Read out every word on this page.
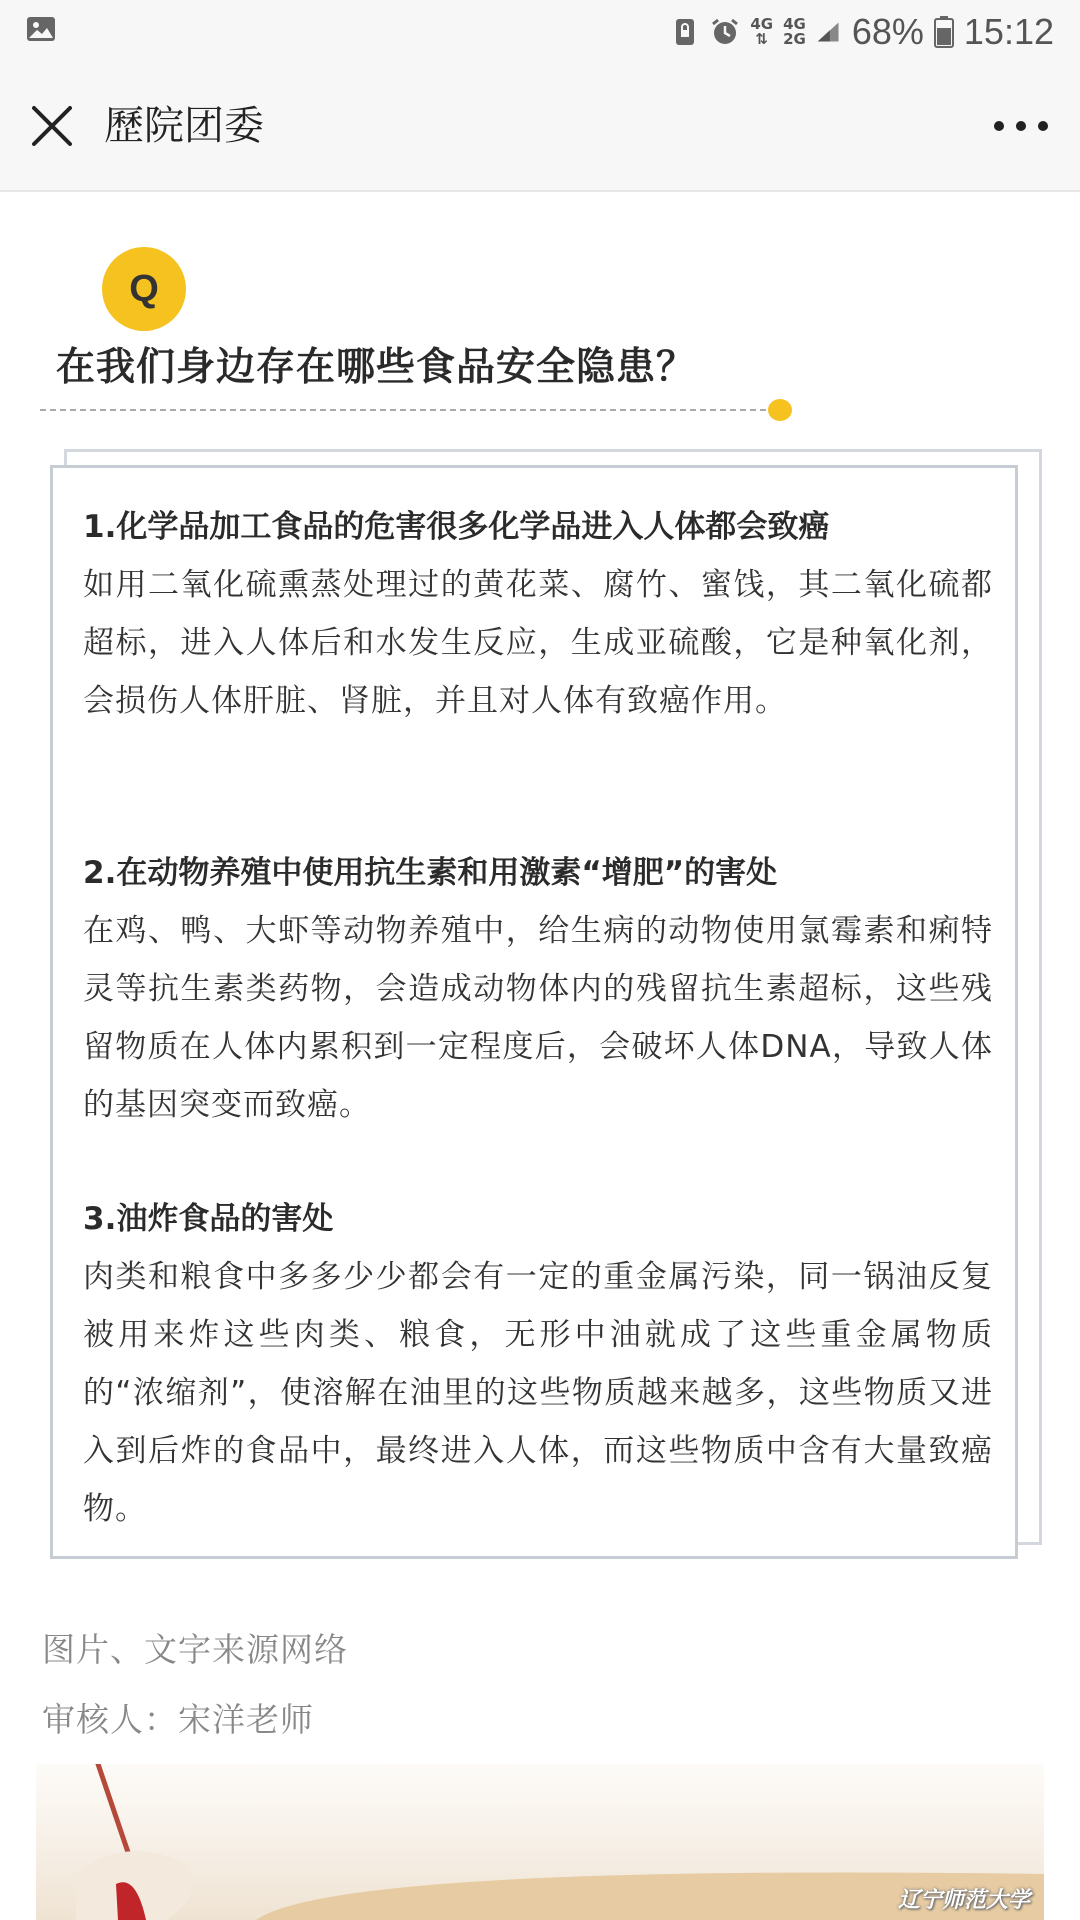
4G
⇅
4G
2G 68% 15:12
歷院团委
Q
在我们身边存在哪些食品安全隐患？

1.化学品加工食品的危害很多化学品进入人体都会致癌

如用二氧化硫熏蒸处理过的黄花菜、腐竹、蜜饯，其二氧化硫都超标，进入人体后和水发生反应，生成亚硫酸，它是种氧化剂，会损伤人体肝脏、肾脏，并且对人体有致癌作用。

2.在动物养殖中使用抗生素和用激素“增肥”的害处

在鸡、鸭、大虾等动物养殖中，给生病的动物使用氯霉素和痢特灵等抗生素类药物，会造成动物体内的残留抗生素超标，这些残留物质在人体内累积到一定程度后，会破坏人体DNA，导致人体的基因突变而致癌。

3.油炸食品的害处

肉类和粮食中多多少少都会有一定的重金属污染，同一锅油反复被用来炸这些肉类、粮食，无形中油就成了这些重金属物质的“浓缩剂”，使溶解在油里的这些物质越来越多，这些物质又进入到后炸的食品中，最终进入人体，而这些物质中含有大量致癌物。

图片、文字来源网络
审核人：宋洋老师
辽宁师范大学
